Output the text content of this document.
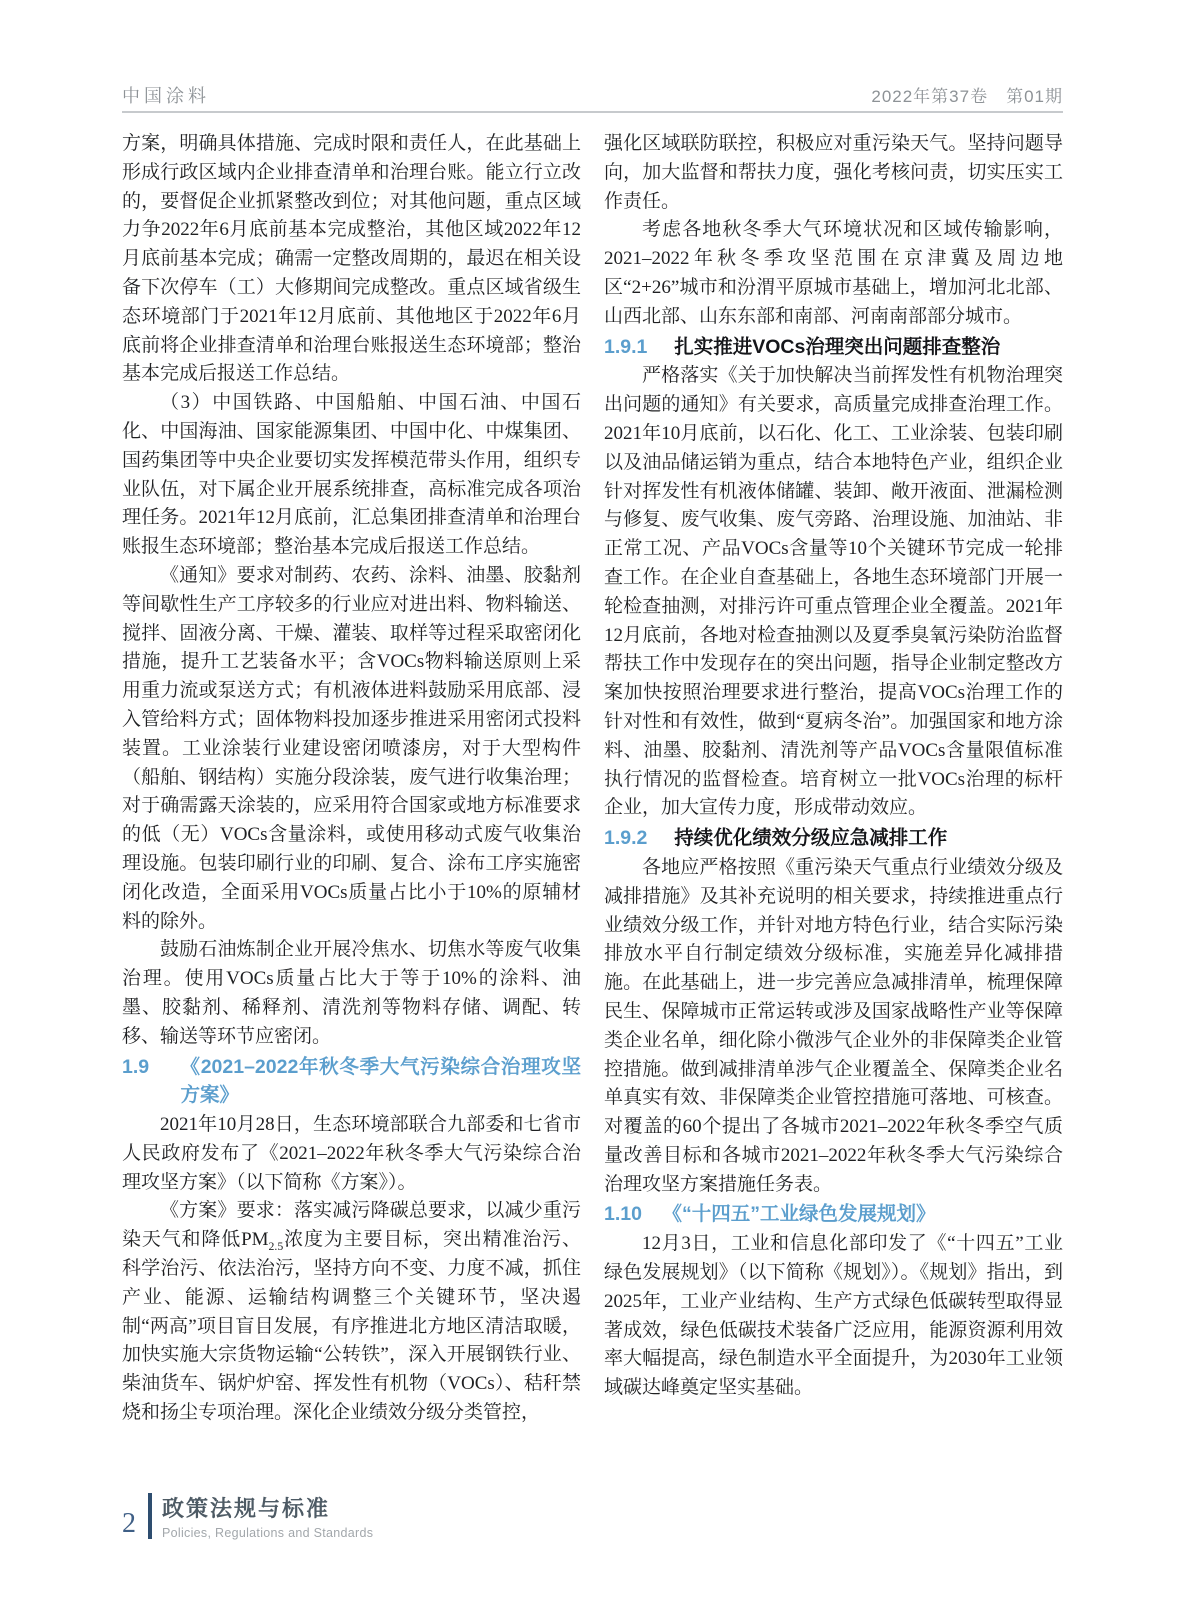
中国涂料	2022年第37卷　第01期

方案，明确具体措施、完成时限和责任人，在此基础上形成行政区域内企业排查清单和治理台账。能立行立改的，要督促企业抓紧整改到位；对其他问题，重点区域力争2022年6月底前基本完成整治，其他区域2022年12月底前基本完成；确需一定整改周期的，最迟在相关设备下次停车（工）大修期间完成整改。重点区域省级生态环境部门于2021年12月底前、其他地区于2022年6月底前将企业排查清单和治理台账报送生态环境部；整治基本完成后报送工作总结。

（3）中国铁路、中国船舶、中国石油、中国石化、中国海油、国家能源集团、中国中化、中煤集团、国药集团等中央企业要切实发挥模范带头作用，组织专业队伍，对下属企业开展系统排查，高标准完成各项治理任务。2021年12月底前，汇总集团排查清单和治理台账报生态环境部；整治基本完成后报送工作总结。

《通知》要求对制药、农药、涂料、油墨、胶黏剂等间歇性生产工序较多的行业应对进出料、物料输送、搅拌、固液分离、干燥、灌装、取样等过程采取密闭化措施，提升工艺装备水平；含VOCs物料输送原则上采用重力流或泵送方式；有机液体进料鼓励采用底部、浸入管给料方式；固体物料投加逐步推进采用密闭式投料装置。工业涂装行业建设密闭喷漆房，对于大型构件（船舶、钢结构）实施分段涂装，废气进行收集治理；对于确需露天涂装的，应采用符合国家或地方标准要求的低（无）VOCs含量涂料，或使用移动式废气收集治理设施。包装印刷行业的印刷、复合、涂布工序实施密闭化改造，全面采用VOCs质量占比小于10%的原辅材料的除外。

鼓励石油炼制企业开展冷焦水、切焦水等废气收集治理。使用VOCs质量占比大于等于10%的涂料、油墨、胶黏剂、稀释剂、清洗剂等物料存储、调配、转移、输送等环节应密闭。

1.9	《2021–2022年秋冬季大气污染综合治理攻坚方案》

2021年10月28日，生态环境部联合九部委和七省市人民政府发布了《2021–2022年秋冬季大气污染综合治理攻坚方案》（以下简称《方案》）。

《方案》要求：落实减污降碳总要求，以减少重污染天气和降低$PM_{2.5}$浓度为主要目标，突出精准治污、科学治污、依法治污，坚持方向不变、力度不减，抓住产业、能源、运输结构调整三个关键环节，坚决遏制“两高”项目盲目发展，有序推进北方地区清洁取暖，加快实施大宗货物运输“公转铁”，深入开展钢铁行业、柴油货车、锅炉炉窑、挥发性有机物（VOCs）、秸秆禁烧和扬尘专项治理。深化企业绩效分级分类管控，

强化区域联防联控，积极应对重污染天气。坚持问题导向，加大监督和帮扶力度，强化考核问责，切实压实工作责任。

考虑各地秋冬季大气环境状况和区域传输影响，2021–2022年秋冬季攻坚范围在京津冀及周边地区“2+26”城市和汾渭平原城市基础上，增加河北北部、山西北部、山东东部和南部、河南南部部分城市。

1.9.1	扎实推进VOCs治理突出问题排查整治

严格落实《关于加快解决当前挥发性有机物治理突出问题的通知》有关要求，高质量完成排查治理工作。2021年10月底前，以石化、化工、工业涂装、包装印刷以及油品储运销为重点，结合本地特色产业，组织企业针对挥发性有机液体储罐、装卸、敞开液面、泄漏检测与修复、废气收集、废气旁路、治理设施、加油站、非正常工况、产品VOCs含量等10个关键环节完成一轮排查工作。在企业自查基础上，各地生态环境部门开展一轮检查抽测，对排污许可重点管理企业全覆盖。2021年12月底前，各地对检查抽测以及夏季臭氧污染防治监督帮扶工作中发现存在的突出问题，指导企业制定整改方案加快按照治理要求进行整治，提高VOCs治理工作的针对性和有效性，做到“夏病冬治”。加强国家和地方涂料、油墨、胶黏剂、清洗剂等产品VOCs含量限值标准执行情况的监督检查。培育树立一批VOCs治理的标杆企业，加大宣传力度，形成带动效应。

1.9.2	持续优化绩效分级应急减排工作

各地应严格按照《重污染天气重点行业绩效分级及减排措施》及其补充说明的相关要求，持续推进重点行业绩效分级工作，并针对地方特色行业，结合实际污染排放水平自行制定绩效分级标准，实施差异化减排措施。在此基础上，进一步完善应急减排清单，梳理保障民生、保障城市正常运转或涉及国家战略性产业等保障类企业名单，细化除小微涉气企业外的非保障类企业管控措施。做到减排清单涉气企业覆盖全、保障类企业名单真实有效、非保障类企业管控措施可落地、可核查。对覆盖的60个提出了各城市2021–2022年秋冬季空气质量改善目标和各城市2021–2022年秋冬季大气污染综合治理攻坚方案措施任务表。

1.10	《“十四五”工业绿色发展规划》

12月3日，工业和信息化部印发了《“十四五”工业绿色发展规划》（以下简称《规划》）。《规划》指出，到2025年，工业产业结构、生产方式绿色低碳转型取得显著成效，绿色低碳技术装备广泛应用，能源资源利用效率大幅提高，绿色制造水平全面提升，为2030年工业领域碳达峰奠定坚实基础。

2 政策法规与标准
Policies, Regulations and Standards
